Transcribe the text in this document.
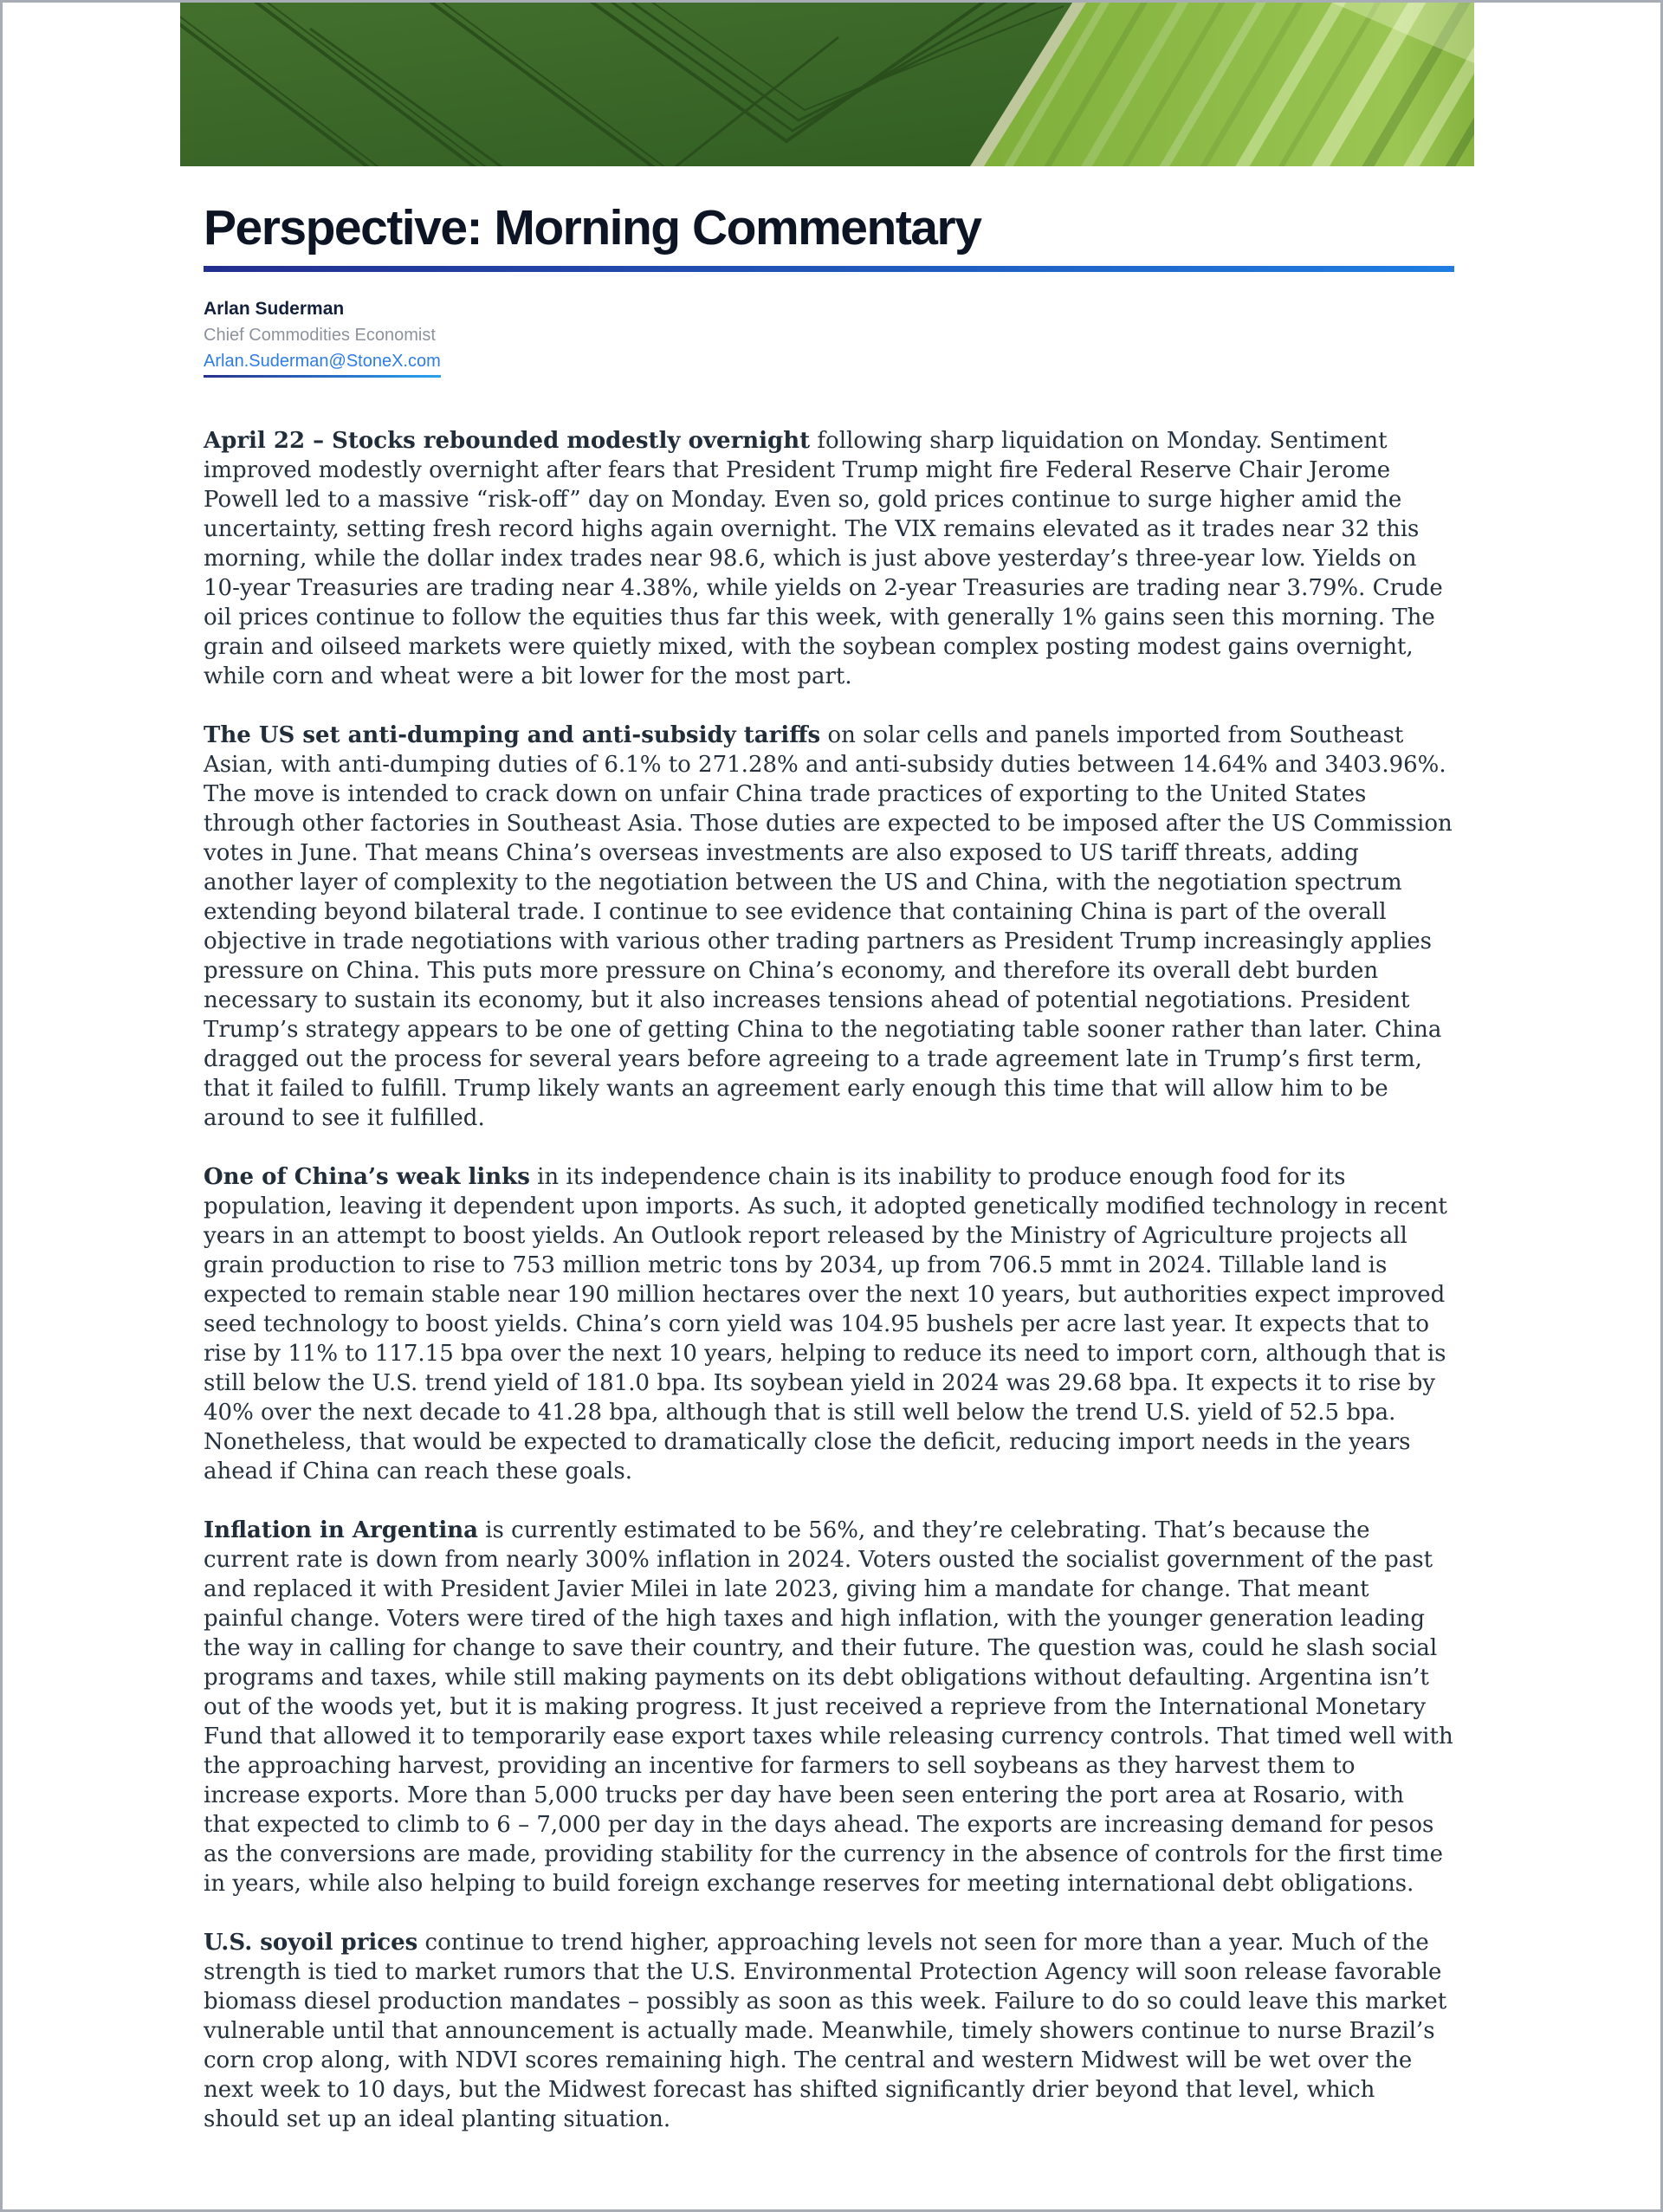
Perspective: Morning Commentary
Arlan Suderman
Chief Commodities Economist
Arlan.Suderman@StoneX.com

April 22 – Stocks rebounded modestly overnight following sharp liquidation on Monday. Sentiment improved modestly overnight after fears that President Trump might fire Federal Reserve Chair Jerome Powell led to a massive “risk-off” day on Monday. Even so, gold prices continue to surge higher amid the uncertainty, setting fresh record highs again overnight. The VIX remains elevated as it trades near 32 this morning, while the dollar index trades near 98.6, which is just above yesterday’s three-year low. Yields on 10-year Treasuries are trading near 4.38%, while yields on 2-year Treasuries are trading near 3.79%. Crude oil prices continue to follow the equities thus far this week, with generally 1% gains seen this morning. The grain and oilseed markets were quietly mixed, with the soybean complex posting modest gains overnight, while corn and wheat were a bit lower for the most part.

The US set anti-dumping and anti-subsidy tariffs on solar cells and panels imported from Southeast Asian, with anti-dumping duties of 6.1% to 271.28% and anti-subsidy duties between 14.64% and 3403.96%. The move is intended to crack down on unfair China trade practices of exporting to the United States through other factories in Southeast Asia. Those duties are expected to be imposed after the US Commission votes in June. That means China’s overseas investments are also exposed to US tariff threats, adding another layer of complexity to the negotiation between the US and China, with the negotiation spectrum extending beyond bilateral trade. I continue to see evidence that containing China is part of the overall objective in trade negotiations with various other trading partners as President Trump increasingly applies pressure on China. This puts more pressure on China’s economy, and therefore its overall debt burden necessary to sustain its economy, but it also increases tensions ahead of potential negotiations. President Trump’s strategy appears to be one of getting China to the negotiating table sooner rather than later. China dragged out the process for several years before agreeing to a trade agreement late in Trump’s first term, that it failed to fulfill. Trump likely wants an agreement early enough this time that will allow him to be around to see it fulfilled.

One of China’s weak links in its independence chain is its inability to produce enough food for its population, leaving it dependent upon imports. As such, it adopted genetically modified technology in recent years in an attempt to boost yields. An Outlook report released by the Ministry of Agriculture projects all grain production to rise to 753 million metric tons by 2034, up from 706.5 mmt in 2024. Tillable land is expected to remain stable near 190 million hectares over the next 10 years, but authorities expect improved seed technology to boost yields. China’s corn yield was 104.95 bushels per acre last year. It expects that to rise by 11% to 117.15 bpa over the next 10 years, helping to reduce its need to import corn, although that is still below the U.S. trend yield of 181.0 bpa. Its soybean yield in 2024 was 29.68 bpa. It expects it to rise by 40% over the next decade to 41.28 bpa, although that is still well below the trend U.S. yield of 52.5 bpa. Nonetheless, that would be expected to dramatically close the deficit, reducing import needs in the years ahead if China can reach these goals.

Inflation in Argentina is currently estimated to be 56%, and they’re celebrating. That’s because the current rate is down from nearly 300% inflation in 2024. Voters ousted the socialist government of the past and replaced it with President Javier Milei in late 2023, giving him a mandate for change. That meant painful change. Voters were tired of the high taxes and high inflation, with the younger generation leading the way in calling for change to save their country, and their future. The question was, could he slash social programs and taxes, while still making payments on its debt obligations without defaulting. Argentina isn’t out of the woods yet, but it is making progress. It just received a reprieve from the International Monetary Fund that allowed it to temporarily ease export taxes while releasing currency controls. That timed well with the approaching harvest, providing an incentive for farmers to sell soybeans as they harvest them to increase exports. More than 5,000 trucks per day have been seen entering the port area at Rosario, with that expected to climb to 6 – 7,000 per day in the days ahead. The exports are increasing demand for pesos as the conversions are made, providing stability for the currency in the absence of controls for the first time in years, while also helping to build foreign exchange reserves for meeting international debt obligations.

U.S. soyoil prices continue to trend higher, approaching levels not seen for more than a year. Much of the strength is tied to market rumors that the U.S. Environmental Protection Agency will soon release favorable biomass diesel production mandates – possibly as soon as this week. Failure to do so could leave this market vulnerable until that announcement is actually made. Meanwhile, timely showers continue to nurse Brazil’s corn crop along, with NDVI scores remaining high. The central and western Midwest will be wet over the next week to 10 days, but the Midwest forecast has shifted significantly drier beyond that level, which should set up an ideal planting situation.
